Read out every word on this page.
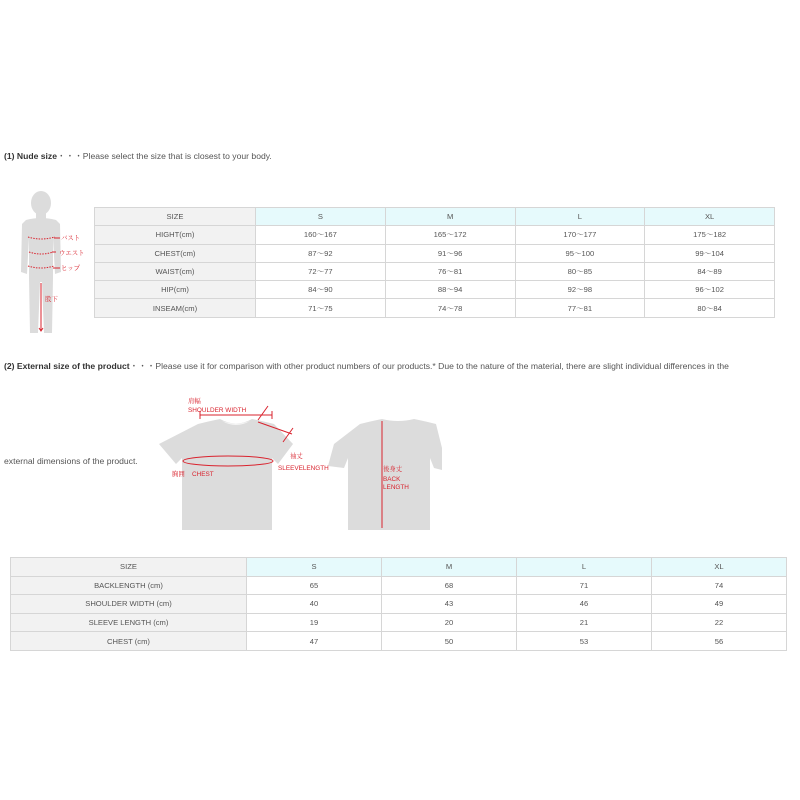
(1) Nude size・・・Please select the size that is closest to your body.
バスト
ウエスト
ヒップ
股下
SIZE	S	M	L	XL
HIGHT(cm)	160～167	165～172	170～177	175～182
CHEST(cm)	87～92	91～96	95～100	99～104
WAIST(cm)	72～77	76～81	80～85	84～89
HIP(cm)	84～90	88～94	92～98	96～102
INSEAM(cm)	71～75	74～78	77～81	80～84
(2) External size of the product・・・Please use it for comparison with other product numbers of our products.* Due to the nature of the material, there are slight individual differences in the
external dimensions of the product.
肩幅
SHOULDER WIDTH
袖丈
SLEEVELENGTH
胸囲 CHEST
後身丈
BACK
LENGTH
SIZE	S	M	L	XL
BACKLENGTH (cm)	65	68	71	74
SHOULDER WIDTH (cm)	40	43	46	49
SLEEVE LENGTH (cm)	19	20	21	22
CHEST (cm)	47	50	53	56
